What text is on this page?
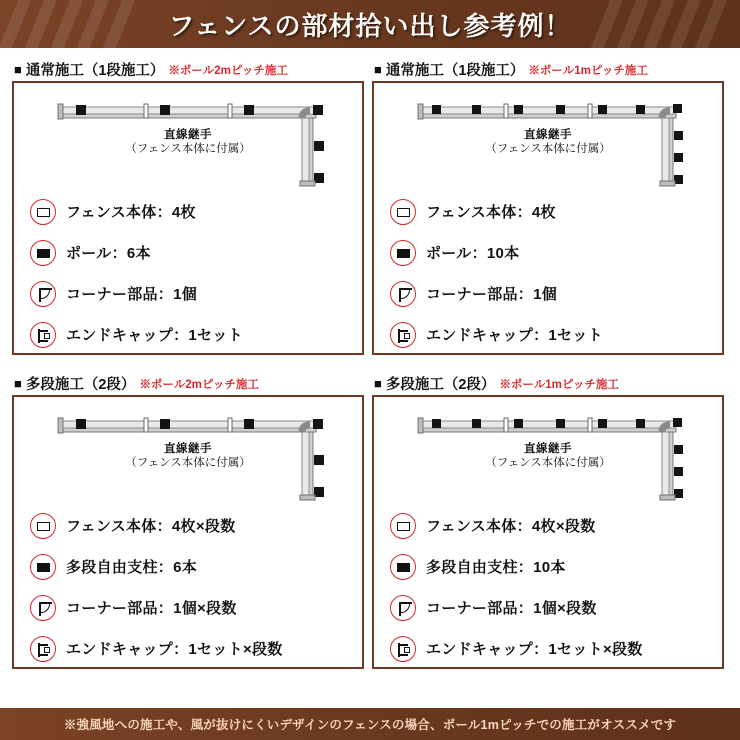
フェンスの部材拾い出し参考例！
■ 通常施工（1段施工） ※ポール2mピッチ施工
直線継手
（フェンス本体に付属）
フェンス本体：4枚
ポール：6本
コーナー部品：1個
エンドキャップ：1セット
■ 通常施工（1段施工） ※ポール1mピッチ施工
直線継手
（フェンス本体に付属）
フェンス本体：4枚
ポール：10本
コーナー部品：1個
エンドキャップ：1セット
■ 多段施工（2段） ※ポール2mピッチ施工
直線継手
（フェンス本体に付属）
フェンス本体：4枚×段数
多段自由支柱：6本
コーナー部品：1個×段数
エンドキャップ：1セット×段数
■ 多段施工（2段） ※ポール1mピッチ施工
直線継手
（フェンス本体に付属）
フェンス本体：4枚×段数
多段自由支柱：10本
コーナー部品：1個×段数
エンドキャップ：1セット×段数
※強風地への施工や、風が抜けにくいデザインのフェンスの場合、ポール1mピッチでの施工がオススメです
